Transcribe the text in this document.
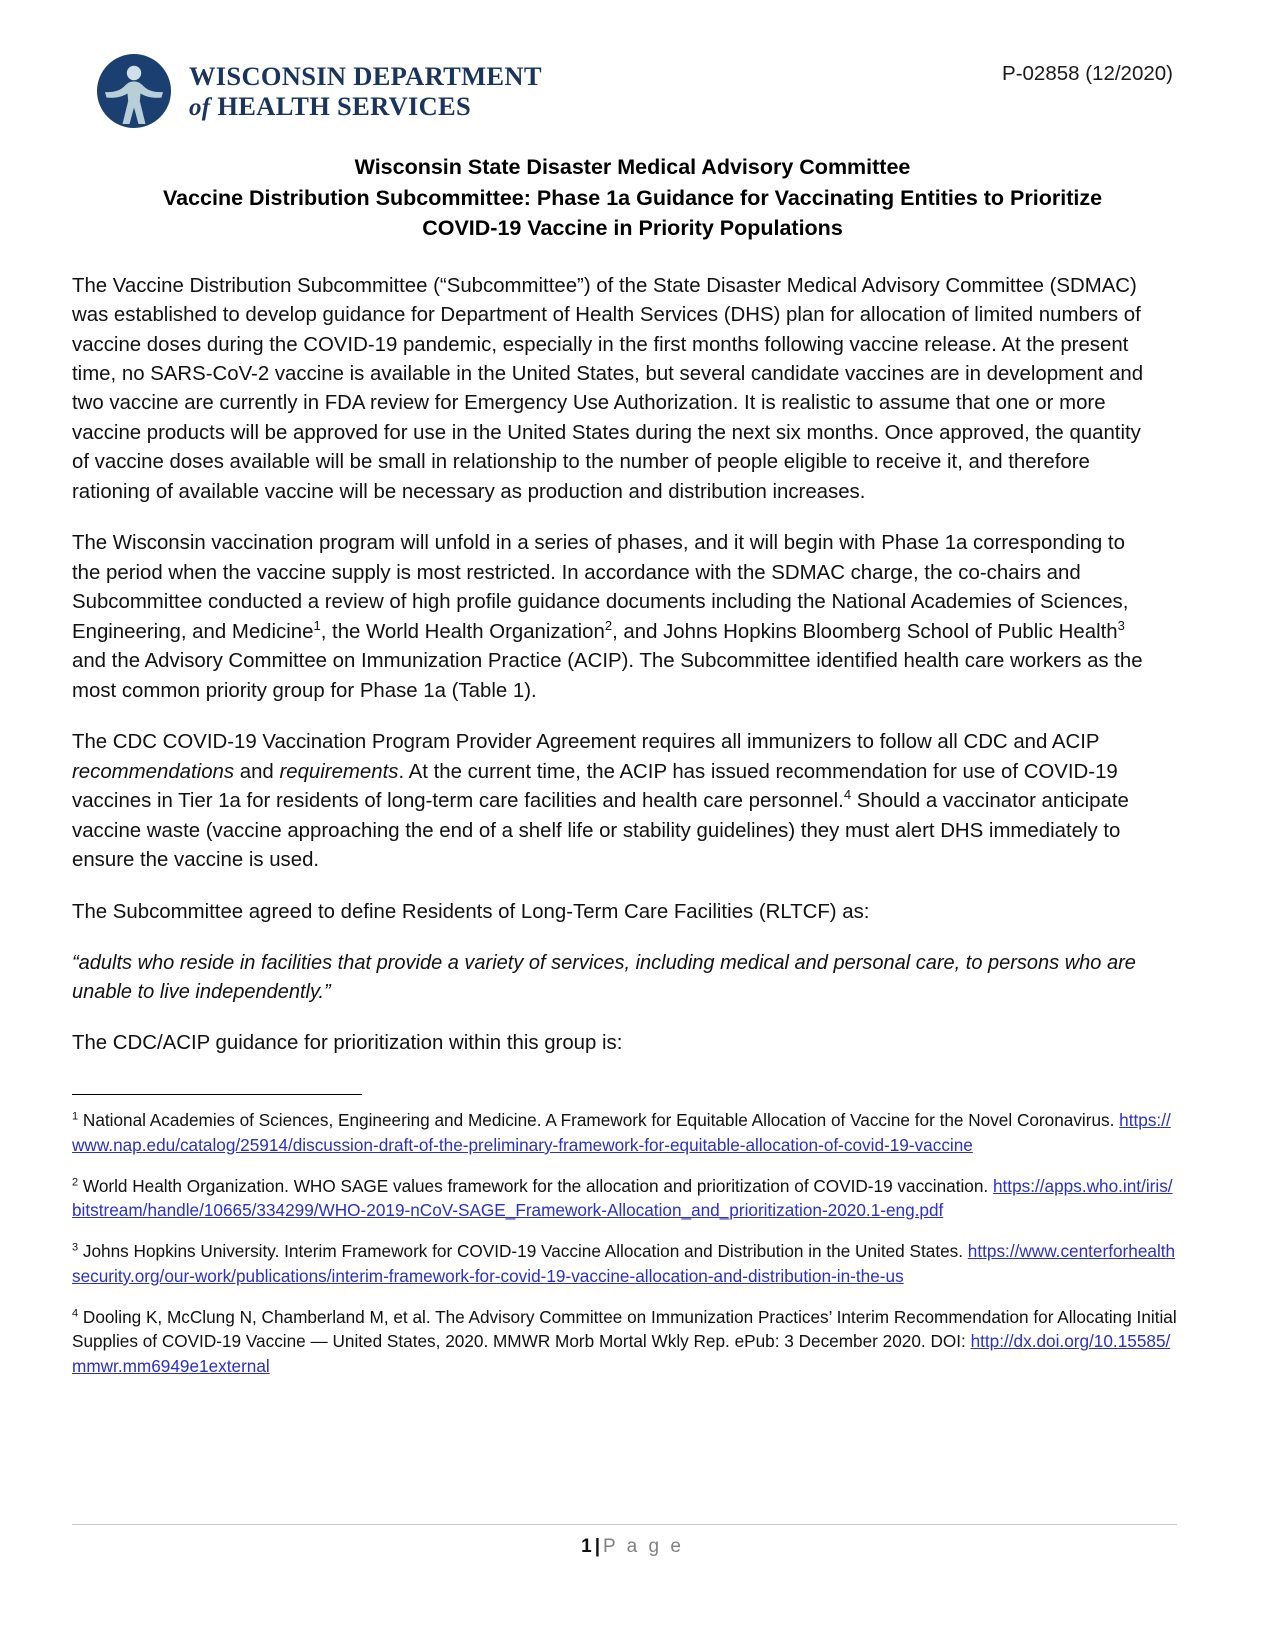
WISCONSIN DEPARTMENT
of HEALTH SERVICES
P-02858 (12/2020)
Wisconsin State Disaster Medical Advisory Committee
Vaccine Distribution Subcommittee: Phase 1a Guidance for Vaccinating Entities to Prioritize
COVID-19 Vaccine in Priority Populations

The Vaccine Distribution Subcommittee (“Subcommittee”) of the State Disaster Medical Advisory Committee (SDMAC) was established to develop guidance for Department of Health Services (DHS) plan for allocation of limited numbers of vaccine doses during the COVID-19 pandemic, especially in the first months following vaccine release. At the present time, no SARS-CoV-2 vaccine is available in the United States, but several candidate vaccines are in development and two vaccine are currently in FDA review for Emergency Use Authorization. It is realistic to assume that one or more vaccine products will be approved for use in the United States during the next six months. Once approved, the quantity of vaccine doses available will be small in relationship to the number of people eligible to receive it, and therefore rationing of available vaccine will be necessary as production and distribution increases.

The Wisconsin vaccination program will unfold in a series of phases, and it will begin with Phase 1a corresponding to the period when the vaccine supply is most restricted. In accordance with the SDMAC charge, the co-chairs and Subcommittee conducted a review of high profile guidance documents including the National Academies of Sciences, Engineering, and Medicine$^1$, the World Health Organization$^2$, and Johns Hopkins Bloomberg School of Public Health$^3$ and the Advisory Committee on Immunization Practice (ACIP). The Subcommittee identified health care workers as the most common priority group for Phase 1a (Table 1).

The CDC COVID-19 Vaccination Program Provider Agreement requires all immunizers to follow all CDC and ACIP recommendations and requirements. At the current time, the ACIP has issued recommendation for use of COVID-19 vaccines in Tier 1a for residents of long-term care facilities and health care personnel.$^4$ Should a vaccinator anticipate vaccine waste (vaccine approaching the end of a shelf life or stability guidelines) they must alert DHS immediately to ensure the vaccine is used.

The Subcommittee agreed to define Residents of Long-Term Care Facilities (RLTCF) as:

“adults who reside in facilities that provide a variety of services, including medical and personal care, to persons who are unable to live independently.”

The CDC/ACIP guidance for prioritization within this group is:

$^1$ National Academies of Sciences, Engineering and Medicine. A Framework for Equitable Allocation of Vaccine for the Novel Coronavirus. https://www.nap.edu/catalog/25914/discussion-draft-of-the-preliminary-framework-for-equitable-allocation-of-covid-19-vaccine

$^2$ World Health Organization. WHO SAGE values framework for the allocation and prioritization of COVID-19 vaccination. https://apps.who.int/iris/bitstream/handle/10665/334299/WHO-2019-nCoV-SAGE_Framework-Allocation_and_prioritization-2020.1-eng.pdf

$^3$ Johns Hopkins University. Interim Framework for COVID-19 Vaccine Allocation and Distribution in the United States. https://www.centerforhealthsecurity.org/our-work/publications/interim-framework-for-covid-19-vaccine-allocation-and-distribution-in-the-us

$^4$ Dooling K, McClung N, Chamberland M, et al. The Advisory Committee on Immunization Practices’ Interim Recommendation for Allocating Initial Supplies of COVID-19 Vaccine — United States, 2020. MMWR Morb Mortal Wkly Rep. ePub: 3 December 2020. DOI: http://dx.doi.org/10.15585/mmwr.mm6949e1external

1 | P a g e
